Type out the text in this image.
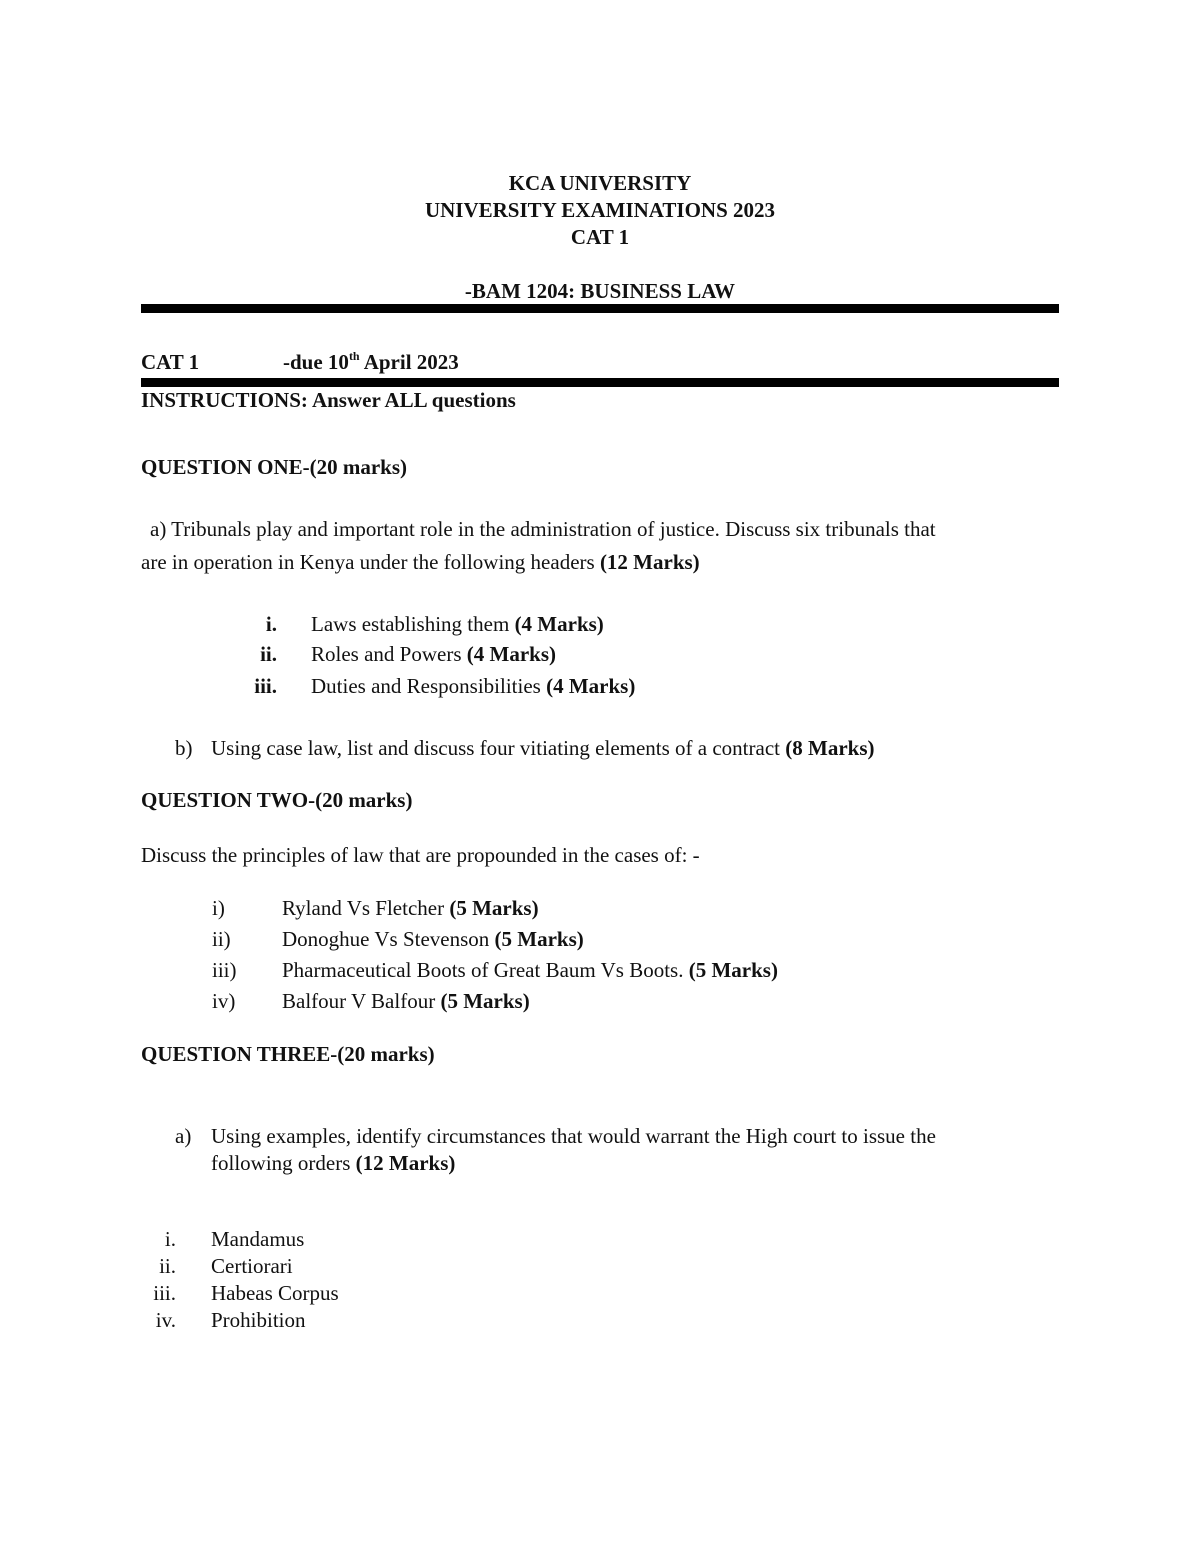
KCA UNIVERSITY
UNIVERSITY EXAMINATIONS 2023
CAT 1
-BAM 1204: BUSINESS LAW
CAT 1	-due 10th April 2023
INSTRUCTIONS: Answer ALL questions
QUESTION ONE-(20 marks)
a) Tribunals play and important role in the administration of justice. Discuss six tribunals that
are in operation in Kenya under the following headers (12 Marks)
i. Laws establishing them (4 Marks)
ii. Roles and Powers (4 Marks)
iii. Duties and Responsibilities (4 Marks)
b) Using case law, list and discuss four vitiating elements of a contract (8 Marks)
QUESTION TWO-(20 marks)
Discuss the principles of law that are propounded in the cases of: -
i)	Ryland Vs Fletcher (5 Marks)
ii) Donoghue Vs Stevenson (5 Marks)
iii) Pharmaceutical Boots of Great Baum Vs Boots. (5 Marks)
iv) Balfour V Balfour (5 Marks)
QUESTION THREE-(20 marks)
a) Using examples, identify circumstances that would warrant the High court to issue the
following orders (12 Marks)
i. Mandamus
ii. Certiorari
iii. Habeas Corpus
iv. Prohibition
